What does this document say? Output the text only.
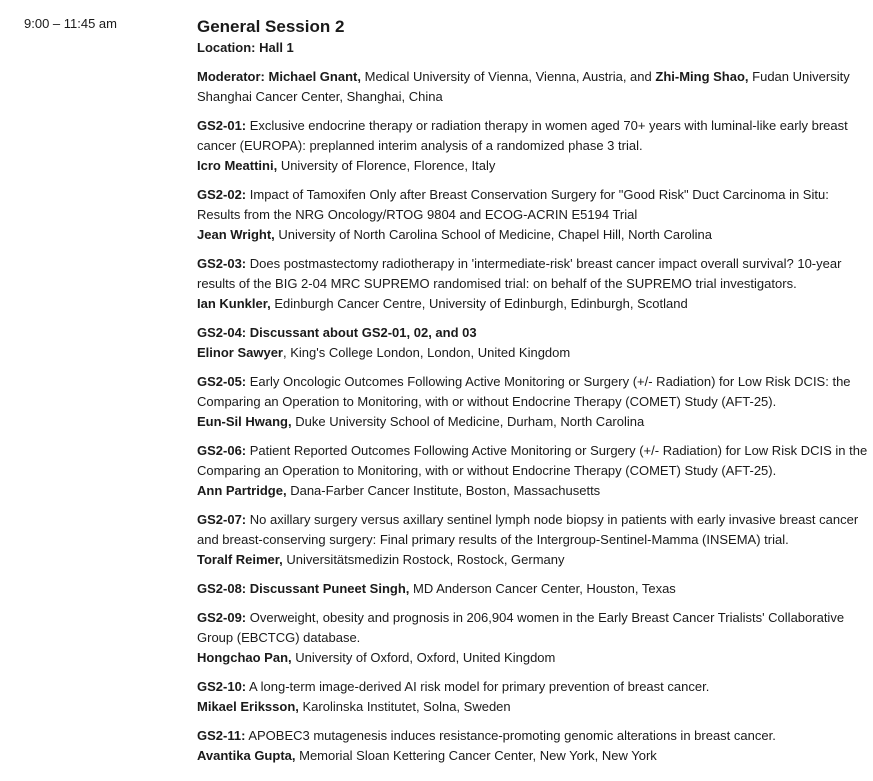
9:00 – 11:45 am	General Session 2

Location: Hall 1

Moderator: Michael Gnant, Medical University of Vienna, Vienna, Austria, and Zhi-Ming Shao, Fudan University Shanghai Cancer Center, Shanghai, China

GS2-01: Exclusive endocrine therapy or radiation therapy in women aged 70+ years with luminal-like early breast cancer (EUROPA): preplanned interim analysis of a randomized phase 3 trial.

Icro Meattini, University of Florence, Florence, Italy

GS2-02: Impact of Tamoxifen Only after Breast Conservation Surgery for "Good Risk" Duct Carcinoma in Situ: Results from the NRG Oncology/RTOG 9804 and ECOG-ACRIN E5194 Trial

Jean Wright, University of North Carolina School of Medicine, Chapel Hill, North Carolina

GS2-03: Does postmastectomy radiotherapy in 'intermediate-risk' breast cancer impact overall survival? 10-year results of the BIG 2-04 MRC SUPREMO randomised trial: on behalf of the SUPREMO trial investigators.

Ian Kunkler, Edinburgh Cancer Centre, University of Edinburgh, Edinburgh, Scotland

GS2-04: Discussant about GS2-01, 02, and 03

Elinor Sawyer, King's College London, London, United Kingdom

GS2-05: Early Oncologic Outcomes Following Active Monitoring or Surgery (+/- Radiation) for Low Risk DCIS: the Comparing an Operation to Monitoring, with or without Endocrine Therapy (COMET) Study (AFT-25).

Eun-Sil Hwang, Duke University School of Medicine, Durham, North Carolina

GS2-06: Patient Reported Outcomes Following Active Monitoring or Surgery (+/- Radiation) for Low Risk DCIS in the Comparing an Operation to Monitoring, with or without Endocrine Therapy (COMET) Study (AFT-25).

Ann Partridge, Dana-Farber Cancer Institute, Boston, Massachusetts

GS2-07: No axillary surgery versus axillary sentinel lymph node biopsy in patients with early invasive breast cancer and breast-conserving surgery: Final primary results of the Intergroup-Sentinel-Mamma (INSEMA) trial.

Toralf Reimer, Universitätsmedizin Rostock, Rostock, Germany

GS2-08: Discussant Puneet Singh, MD Anderson Cancer Center, Houston, Texas

GS2-09: Overweight, obesity and prognosis in 206,904 women in the Early Breast Cancer Trialists' Collaborative Group (EBCTCG) database.

Hongchao Pan, University of Oxford, Oxford, United Kingdom

GS2-10: A long-term image-derived AI risk model for primary prevention of breast cancer.

Mikael Eriksson, Karolinska Institutet, Solna, Sweden

GS2-11: APOBEC3 mutagenesis induces resistance-promoting genomic alterations in breast cancer.

Avantika Gupta, Memorial Sloan Kettering Cancer Center, New York, New York
